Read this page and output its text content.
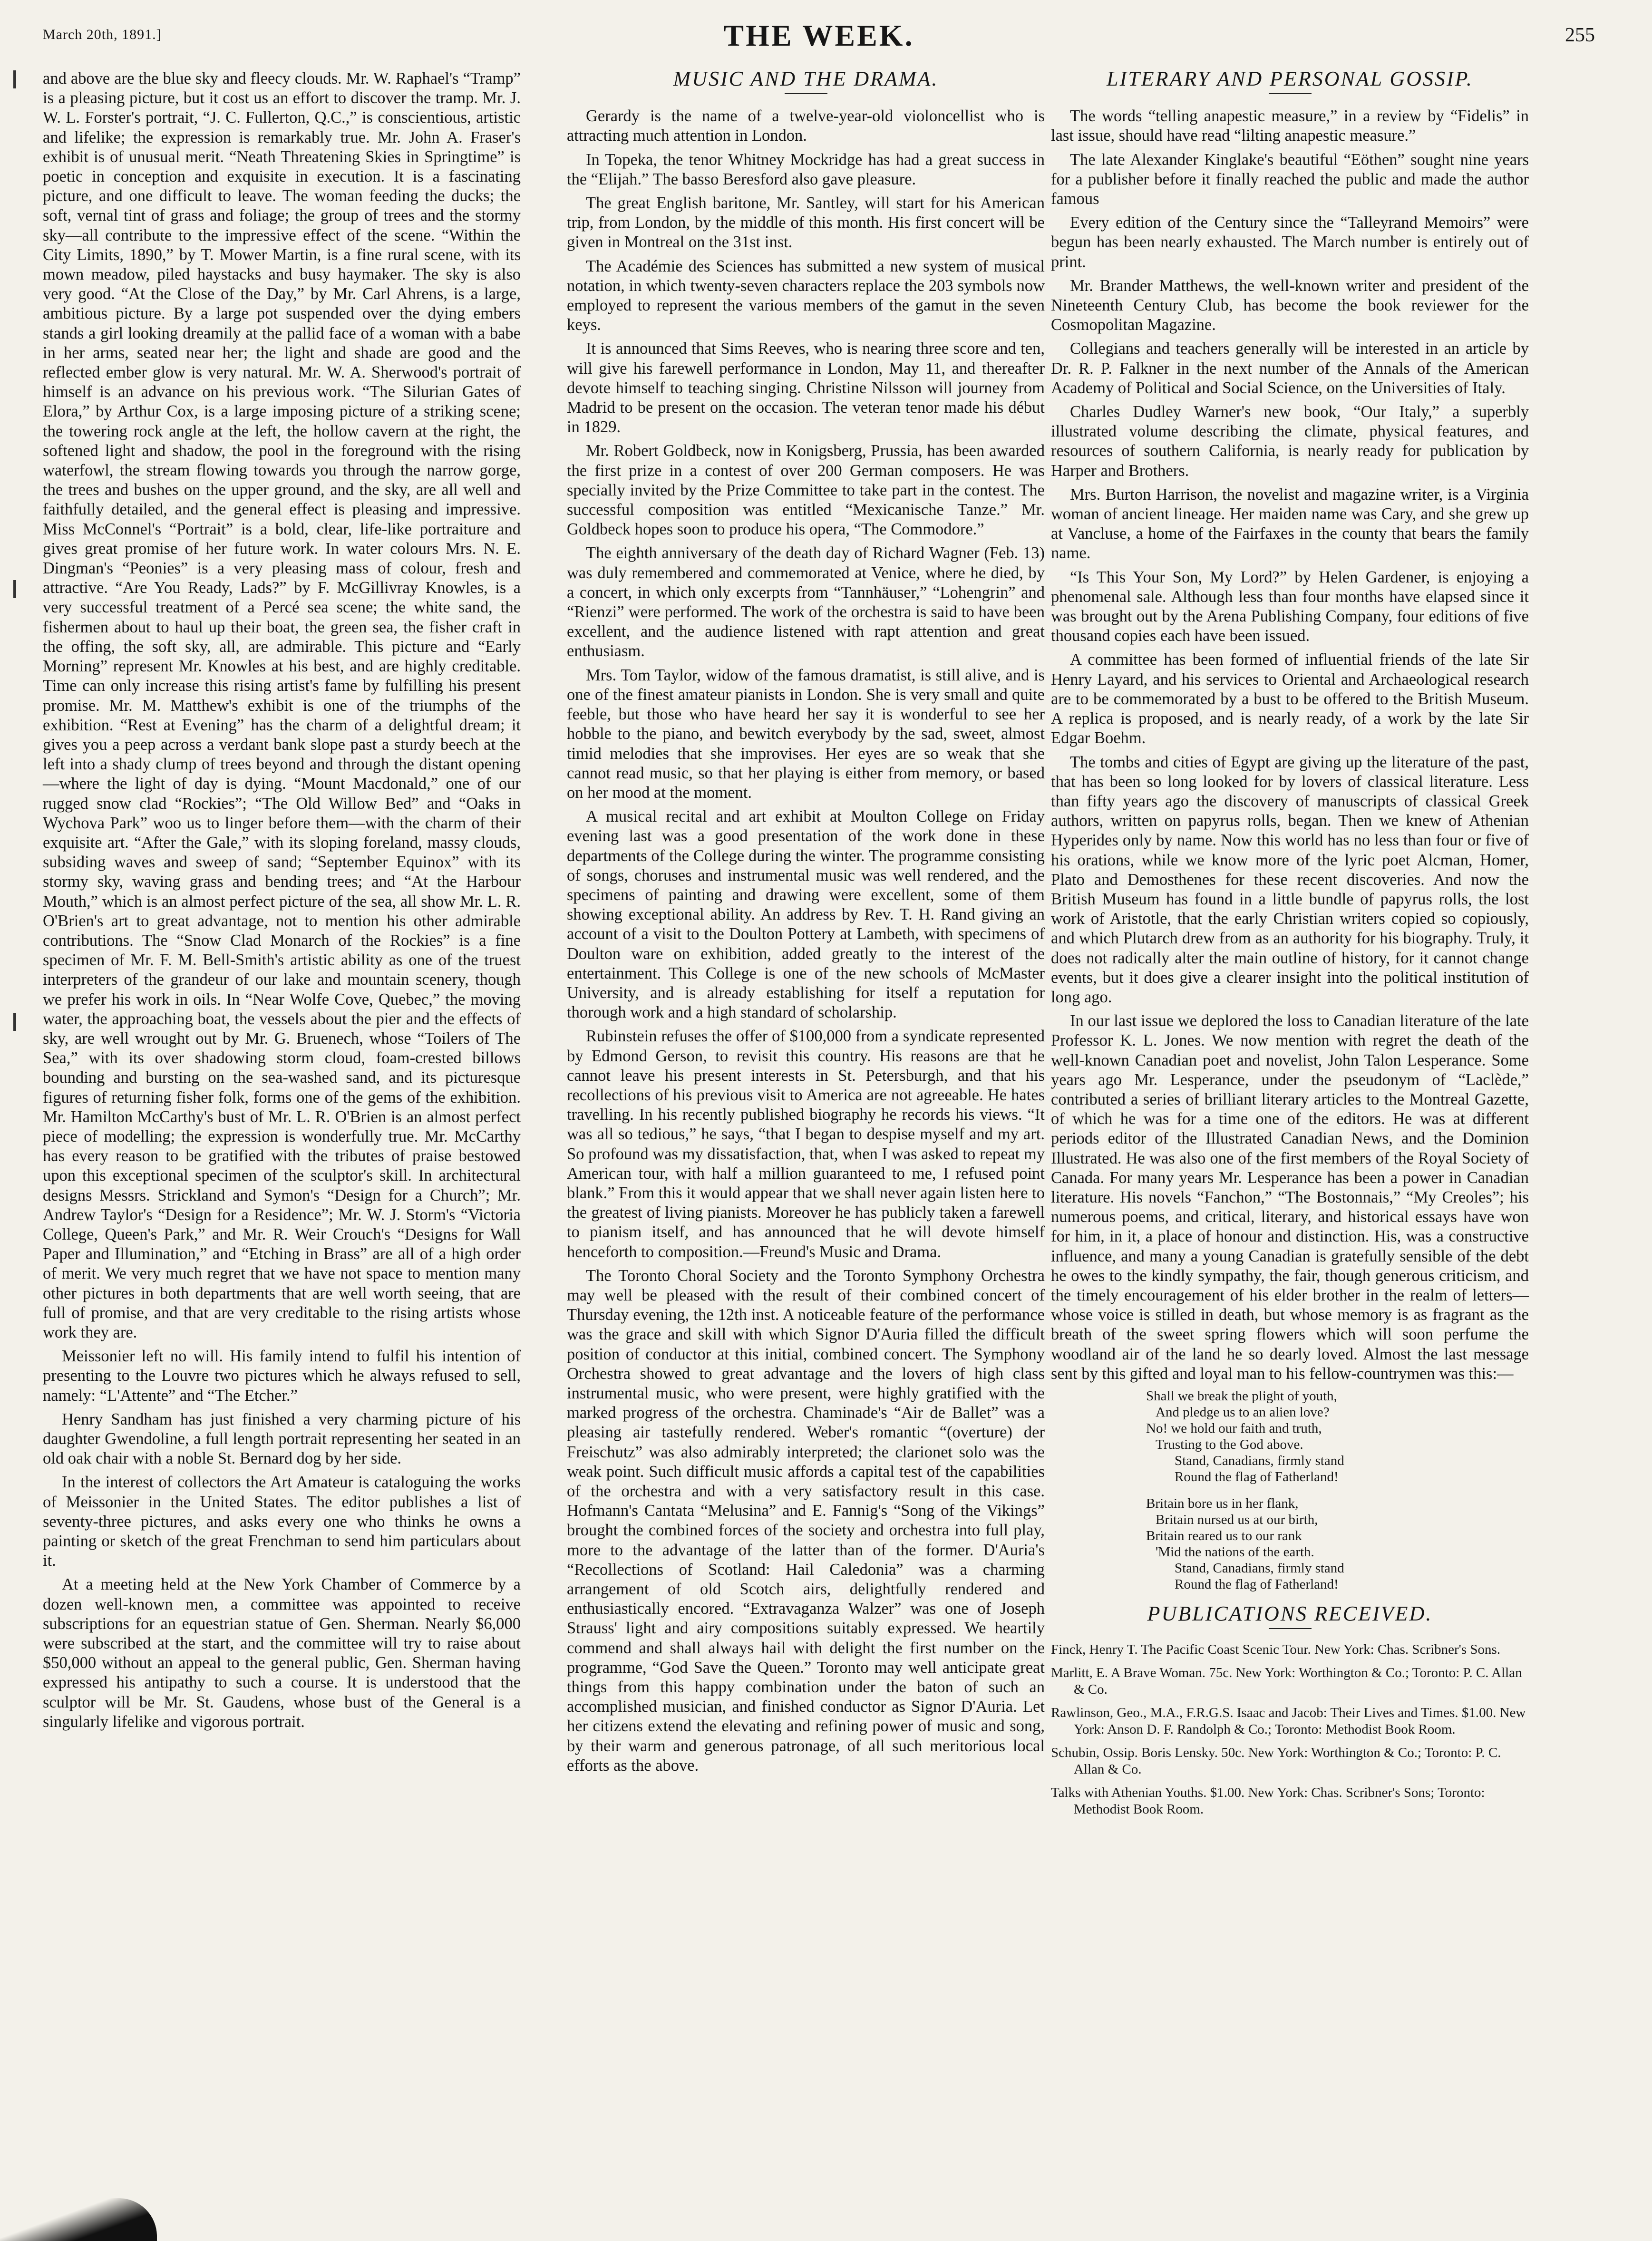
March 20th, 1891.]	THE WEEK.	255

and above are the blue sky and fleecy clouds. Mr. W. Raphael's “Tramp” is a pleasing picture, but it cost us an effort to discover the tramp. Mr. J. W. L. Forster's portrait, “J. C. Fullerton, Q.C.,” is conscientious, artistic and lifelike; the expression is remarkably true. Mr. John A. Fraser's exhibit is of unusual merit. “Neath Threatening Skies in Springtime” is poetic in conception and exquisite in execution. It is a fascinating picture, and one difficult to leave. The woman feeding the ducks; the soft, vernal tint of grass and foliage; the group of trees and the stormy sky—all contribute to the impressive effect of the scene. “Within the City Limits, 1890,” by T. Mower Martin, is a fine rural scene, with its mown meadow, piled haystacks and busy haymaker. The sky is also very good. “At the Close of the Day,” by Mr. Carl Ahrens, is a large, ambitious picture. By a large pot suspended over the dying embers stands a girl looking dreamily at the pallid face of a woman with a babe in her arms, seated near her; the light and shade are good and the reflected ember glow is very natural. Mr. W. A. Sherwood's portrait of himself is an advance on his previous work. “The Silurian Gates of Elora,” by Arthur Cox, is a large imposing picture of a striking scene; the towering rock angle at the left, the hollow cavern at the right, the softened light and shadow, the pool in the foreground with the rising waterfowl, the stream flowing towards you through the narrow gorge, the trees and bushes on the upper ground, and the sky, are all well and faithfully detailed, and the general effect is pleasing and impressive. Miss McConnel's “Portrait” is a bold, clear, life-like portraiture and gives great promise of her future work. In water colours Mrs. N. E. Dingman's “Peonies” is a very pleasing mass of colour, fresh and attractive. “Are You Ready, Lads?” by F. McGillivray Knowles, is a very successful treatment of a Percé sea scene; the white sand, the fishermen about to haul up their boat, the green sea, the fisher craft in the offing, the soft sky, all, are admirable. This picture and “Early Morning” represent Mr. Knowles at his best, and are highly creditable. Time can only increase this rising artist's fame by fulfilling his present promise. Mr. M. Matthew's exhibit is one of the triumphs of the exhibition. “Rest at Evening” has the charm of a delightful dream; it gives you a peep across a verdant bank slope past a sturdy beech at the left into a shady clump of trees beyond and through the distant opening—where the light of day is dying. “Mount Macdonald,” one of our rugged snow clad “Rockies”; “The Old Willow Bed” and “Oaks in Wychova Park” woo us to linger before them—with the charm of their exquisite art. “After the Gale,” with its sloping foreland, massy clouds, subsiding waves and sweep of sand; “September Equinox” with its stormy sky, waving grass and bending trees; and “At the Harbour Mouth,” which is an almost perfect picture of the sea, all show Mr. L. R. O'Brien's art to great advantage, not to mention his other admirable contributions. The “Snow Clad Monarch of the Rockies” is a fine specimen of Mr. F. M. Bell-Smith's artistic ability as one of the truest interpreters of the grandeur of our lake and mountain scenery, though we prefer his work in oils. In “Near Wolfe Cove, Quebec,” the moving water, the approaching boat, the vessels about the pier and the effects of sky, are well wrought out by Mr. G. Bruenech, whose “Toilers of The Sea,” with its over shadowing storm cloud, foam-crested billows bounding and bursting on the sea-washed sand, and its picturesque figures of returning fisher folk, forms one of the gems of the exhibition. Mr. Hamilton McCarthy's bust of Mr. L. R. O'Brien is an almost perfect piece of modelling; the expression is wonderfully true. Mr. McCarthy has every reason to be gratified with the tributes of praise bestowed upon this exceptional specimen of the sculptor's skill. In architectural designs Messrs. Strickland and Symon's “Design for a Church”; Mr. Andrew Taylor's “Design for a Residence”; Mr. W. J. Storm's “Victoria College, Queen's Park,” and Mr. R. Weir Crouch's “Designs for Wall Paper and Illumination,” and “Etching in Brass” are all of a high order of merit. We very much regret that we have not space to mention many other pictures in both departments that are well worth seeing, that are full of promise, and that are very creditable to the rising artists whose work they are.

Meissonier left no will. His family intend to fulfil his intention of presenting to the Louvre two pictures which he always refused to sell, namely: “L'Attente” and “The Etcher.”

Henry Sandham has just finished a very charming picture of his daughter Gwendoline, a full length portrait representing her seated in an old oak chair with a noble St. Bernard dog by her side.

In the interest of collectors the Art Amateur is cataloguing the works of Meissonier in the United States. The editor publishes a list of seventy-three pictures, and asks every one who thinks he owns a painting or sketch of the great Frenchman to send him particulars about it.

At a meeting held at the New York Chamber of Commerce by a dozen well-known men, a committee was appointed to receive subscriptions for an equestrian statue of Gen. Sherman. Nearly $6,000 were subscribed at the start, and the committee will try to raise about $50,000 without an appeal to the general public, Gen. Sherman having expressed his antipathy to such a course. It is understood that the sculptor will be Mr. St. Gaudens, whose bust of the General is a singularly lifelike and vigorous portrait.

MUSIC AND THE DRAMA.

Gerardy is the name of a twelve-year-old violoncellist who is attracting much attention in London.

In Topeka, the tenor Whitney Mockridge has had a great success in the “Elijah.” The basso Beresford also gave pleasure.

The great English baritone, Mr. Santley, will start for his American trip, from London, by the middle of this month. His first concert will be given in Montreal on the 31st inst.

The Académie des Sciences has submitted a new system of musical notation, in which twenty-seven characters replace the 203 symbols now employed to represent the various members of the gamut in the seven keys.

It is announced that Sims Reeves, who is nearing three score and ten, will give his farewell performance in London, May 11, and thereafter devote himself to teaching singing. Christine Nilsson will journey from Madrid to be present on the occasion. The veteran tenor made his début in 1829.

Mr. Robert Goldbeck, now in Konigsberg, Prussia, has been awarded the first prize in a contest of over 200 German composers. He was specially invited by the Prize Committee to take part in the contest. The successful composition was entitled “Mexicanische Tanze.” Mr. Goldbeck hopes soon to produce his opera, “The Commodore.”

The eighth anniversary of the death day of Richard Wagner (Feb. 13) was duly remembered and commemorated at Venice, where he died, by a concert, in which only excerpts from “Tannhäuser,” “Lohengrin” and “Rienzi” were performed. The work of the orchestra is said to have been excellent, and the audience listened with rapt attention and great enthusiasm.

Mrs. Tom Taylor, widow of the famous dramatist, is still alive, and is one of the finest amateur pianists in London. She is very small and quite feeble, but those who have heard her say it is wonderful to see her hobble to the piano, and bewitch everybody by the sad, sweet, almost timid melodies that she improvises. Her eyes are so weak that she cannot read music, so that her playing is either from memory, or based on her mood at the moment.

A musical recital and art exhibit at Moulton College on Friday evening last was a good presentation of the work done in these departments of the College during the winter. The programme consisting of songs, choruses and instrumental music was well rendered, and the specimens of painting and drawing were excellent, some of them showing exceptional ability. An address by Rev. T. H. Rand giving an account of a visit to the Doulton Pottery at Lambeth, with specimens of Doulton ware on exhibition, added greatly to the interest of the entertainment. This College is one of the new schools of McMaster University, and is already establishing for itself a reputation for thorough work and a high standard of scholarship.

Rubinstein refuses the offer of $100,000 from a syndicate represented by Edmond Gerson, to revisit this country. His reasons are that he cannot leave his present interests in St. Petersburgh, and that his recollections of his previous visit to America are not agreeable. He hates travelling. In his recently published biography he records his views. “It was all so tedious,” he says, “that I began to despise myself and my art. So profound was my dissatisfaction, that, when I was asked to repeat my American tour, with half a million guaranteed to me, I refused point blank.” From this it would appear that we shall never again listen here to the greatest of living pianists. Moreover he has publicly taken a farewell to pianism itself, and has announced that he will devote himself henceforth to composition.—Freund's Music and Drama.

The Toronto Choral Society and the Toronto Symphony Orchestra may well be pleased with the result of their combined concert of Thursday evening, the 12th inst. A noticeable feature of the performance was the grace and skill with which Signor D'Auria filled the difficult position of conductor at this initial, combined concert. The Symphony Orchestra showed to great advantage and the lovers of high class instrumental music, who were present, were highly gratified with the marked progress of the orchestra. Chaminade's “Air de Ballet” was a pleasing air tastefully rendered. Weber's romantic “(overture) der Freischutz” was also admirably interpreted; the clarionet solo was the weak point. Such difficult music affords a capital test of the capabilities of the orchestra and with a very satisfactory result in this case. Hofmann's Cantata “Melusina” and E. Fannig's “Song of the Vikings” brought the combined forces of the society and orchestra into full play, more to the advantage of the latter than of the former. D'Auria's “Recollections of Scotland: Hail Caledonia” was a charming arrangement of old Scotch airs, delightfully rendered and enthusiastically encored. “Extravaganza Walzer” was one of Joseph Strauss' light and airy compositions suitably expressed. We heartily commend and shall always hail with delight the first number on the programme, “God Save the Queen.” Toronto may well anticipate great things from this happy combination under the baton of such an accomplished musician, and finished conductor as Signor D'Auria. Let her citizens extend the elevating and refining power of music and song, by their warm and generous patronage, of all such meritorious local efforts as the above.

LITERARY AND PERSONAL GOSSIP.

The words “telling anapestic measure,” in a review by “Fidelis” in last issue, should have read “lilting anapestic measure.”

The late Alexander Kinglake's beautiful “Eöthen” sought nine years for a publisher before it finally reached the public and made the author famous

Every edition of the Century since the “Talleyrand Memoirs” were begun has been nearly exhausted. The March number is entirely out of print.

Mr. Brander Matthews, the well-known writer and president of the Nineteenth Century Club, has become the book reviewer for the Cosmopolitan Magazine.

Collegians and teachers generally will be interested in an article by Dr. R. P. Falkner in the next number of the Annals of the American Academy of Political and Social Science, on the Universities of Italy.

Charles Dudley Warner's new book, “Our Italy,” a superbly illustrated volume describing the climate, physical features, and resources of southern California, is nearly ready for publication by Harper and Brothers.

Mrs. Burton Harrison, the novelist and magazine writer, is a Virginia woman of ancient lineage. Her maiden name was Cary, and she grew up at Vancluse, a home of the Fairfaxes in the county that bears the family name.

“Is This Your Son, My Lord?” by Helen Gardener, is enjoying a phenomenal sale. Although less than four months have elapsed since it was brought out by the Arena Publishing Company, four editions of five thousand copies each have been issued.

A committee has been formed of influential friends of the late Sir Henry Layard, and his services to Oriental and Archaeological research are to be commemorated by a bust to be offered to the British Museum. A replica is proposed, and is nearly ready, of a work by the late Sir Edgar Boehm.

The tombs and cities of Egypt are giving up the literature of the past, that has been so long looked for by lovers of classical literature. Less than fifty years ago the discovery of manuscripts of classical Greek authors, written on papyrus rolls, began. Then we knew of Athenian Hyperides only by name. Now this world has no less than four or five of his orations, while we know more of the lyric poet Alcman, Homer, Plato and Demosthenes for these recent discoveries. And now the British Museum has found in a little bundle of papyrus rolls, the lost work of Aristotle, that the early Christian writers copied so copiously, and which Plutarch drew from as an authority for his biography. Truly, it does not radically alter the main outline of history, for it cannot change events, but it does give a clearer insight into the political institution of long ago.

In our last issue we deplored the loss to Canadian literature of the late Professor K. L. Jones. We now mention with regret the death of the well-known Canadian poet and novelist, John Talon Lesperance. Some years ago Mr. Lesperance, under the pseudonym of “Laclède,” contributed a series of brilliant literary articles to the Montreal Gazette, of which he was for a time one of the editors. He was at different periods editor of the Illustrated Canadian News, and the Dominion Illustrated. He was also one of the first members of the Royal Society of Canada. For many years Mr. Lesperance has been a power in Canadian literature. His novels “Fanchon,” “The Bostonnais,” “My Creoles”; his numerous poems, and critical, literary, and historical essays have won for him, in it, a place of honour and distinction. His, was a constructive influence, and many a young Canadian is gratefully sensible of the debt he owes to the kindly sympathy, the fair, though generous criticism, and the timely encouragement of his elder brother in the realm of letters—whose voice is stilled in death, but whose memory is as fragrant as the breath of the sweet spring flowers which will soon perfume the woodland air of the land he so dearly loved. Almost the last message sent by this gifted and loyal man to his fellow-countrymen was this:—

Shall we break the plight of youth,
And pledge us to an alien love?
No! we hold our faith and truth,
Trusting to the God above.
Stand, Canadians, firmly stand
Round the flag of Fatherland!
Britain bore us in her flank,
Britain nursed us at our birth,
Britain reared us to our rank
'Mid the nations of the earth.
Stand, Canadians, firmly stand
Round the flag of Fatherland!
PUBLICATIONS RECEIVED.
Finck, Henry T. The Pacific Coast Scenic Tour. New York: Chas. Scribner's Sons.
Marlitt, E. A Brave Woman. 75c. New York: Worthington & Co.; Toronto: P. C. Allan & Co.
Rawlinson, Geo., M.A., F.R.G.S. Isaac and Jacob: Their Lives and Times. $1.00. New York: Anson D. F. Randolph & Co.; Toronto: Methodist Book Room.
Schubin, Ossip. Boris Lensky. 50c. New York: Worthington & Co.; Toronto: P. C. Allan & Co.
Talks with Athenian Youths. $1.00. New York: Chas. Scribner's Sons; Toronto: Methodist Book Room.
